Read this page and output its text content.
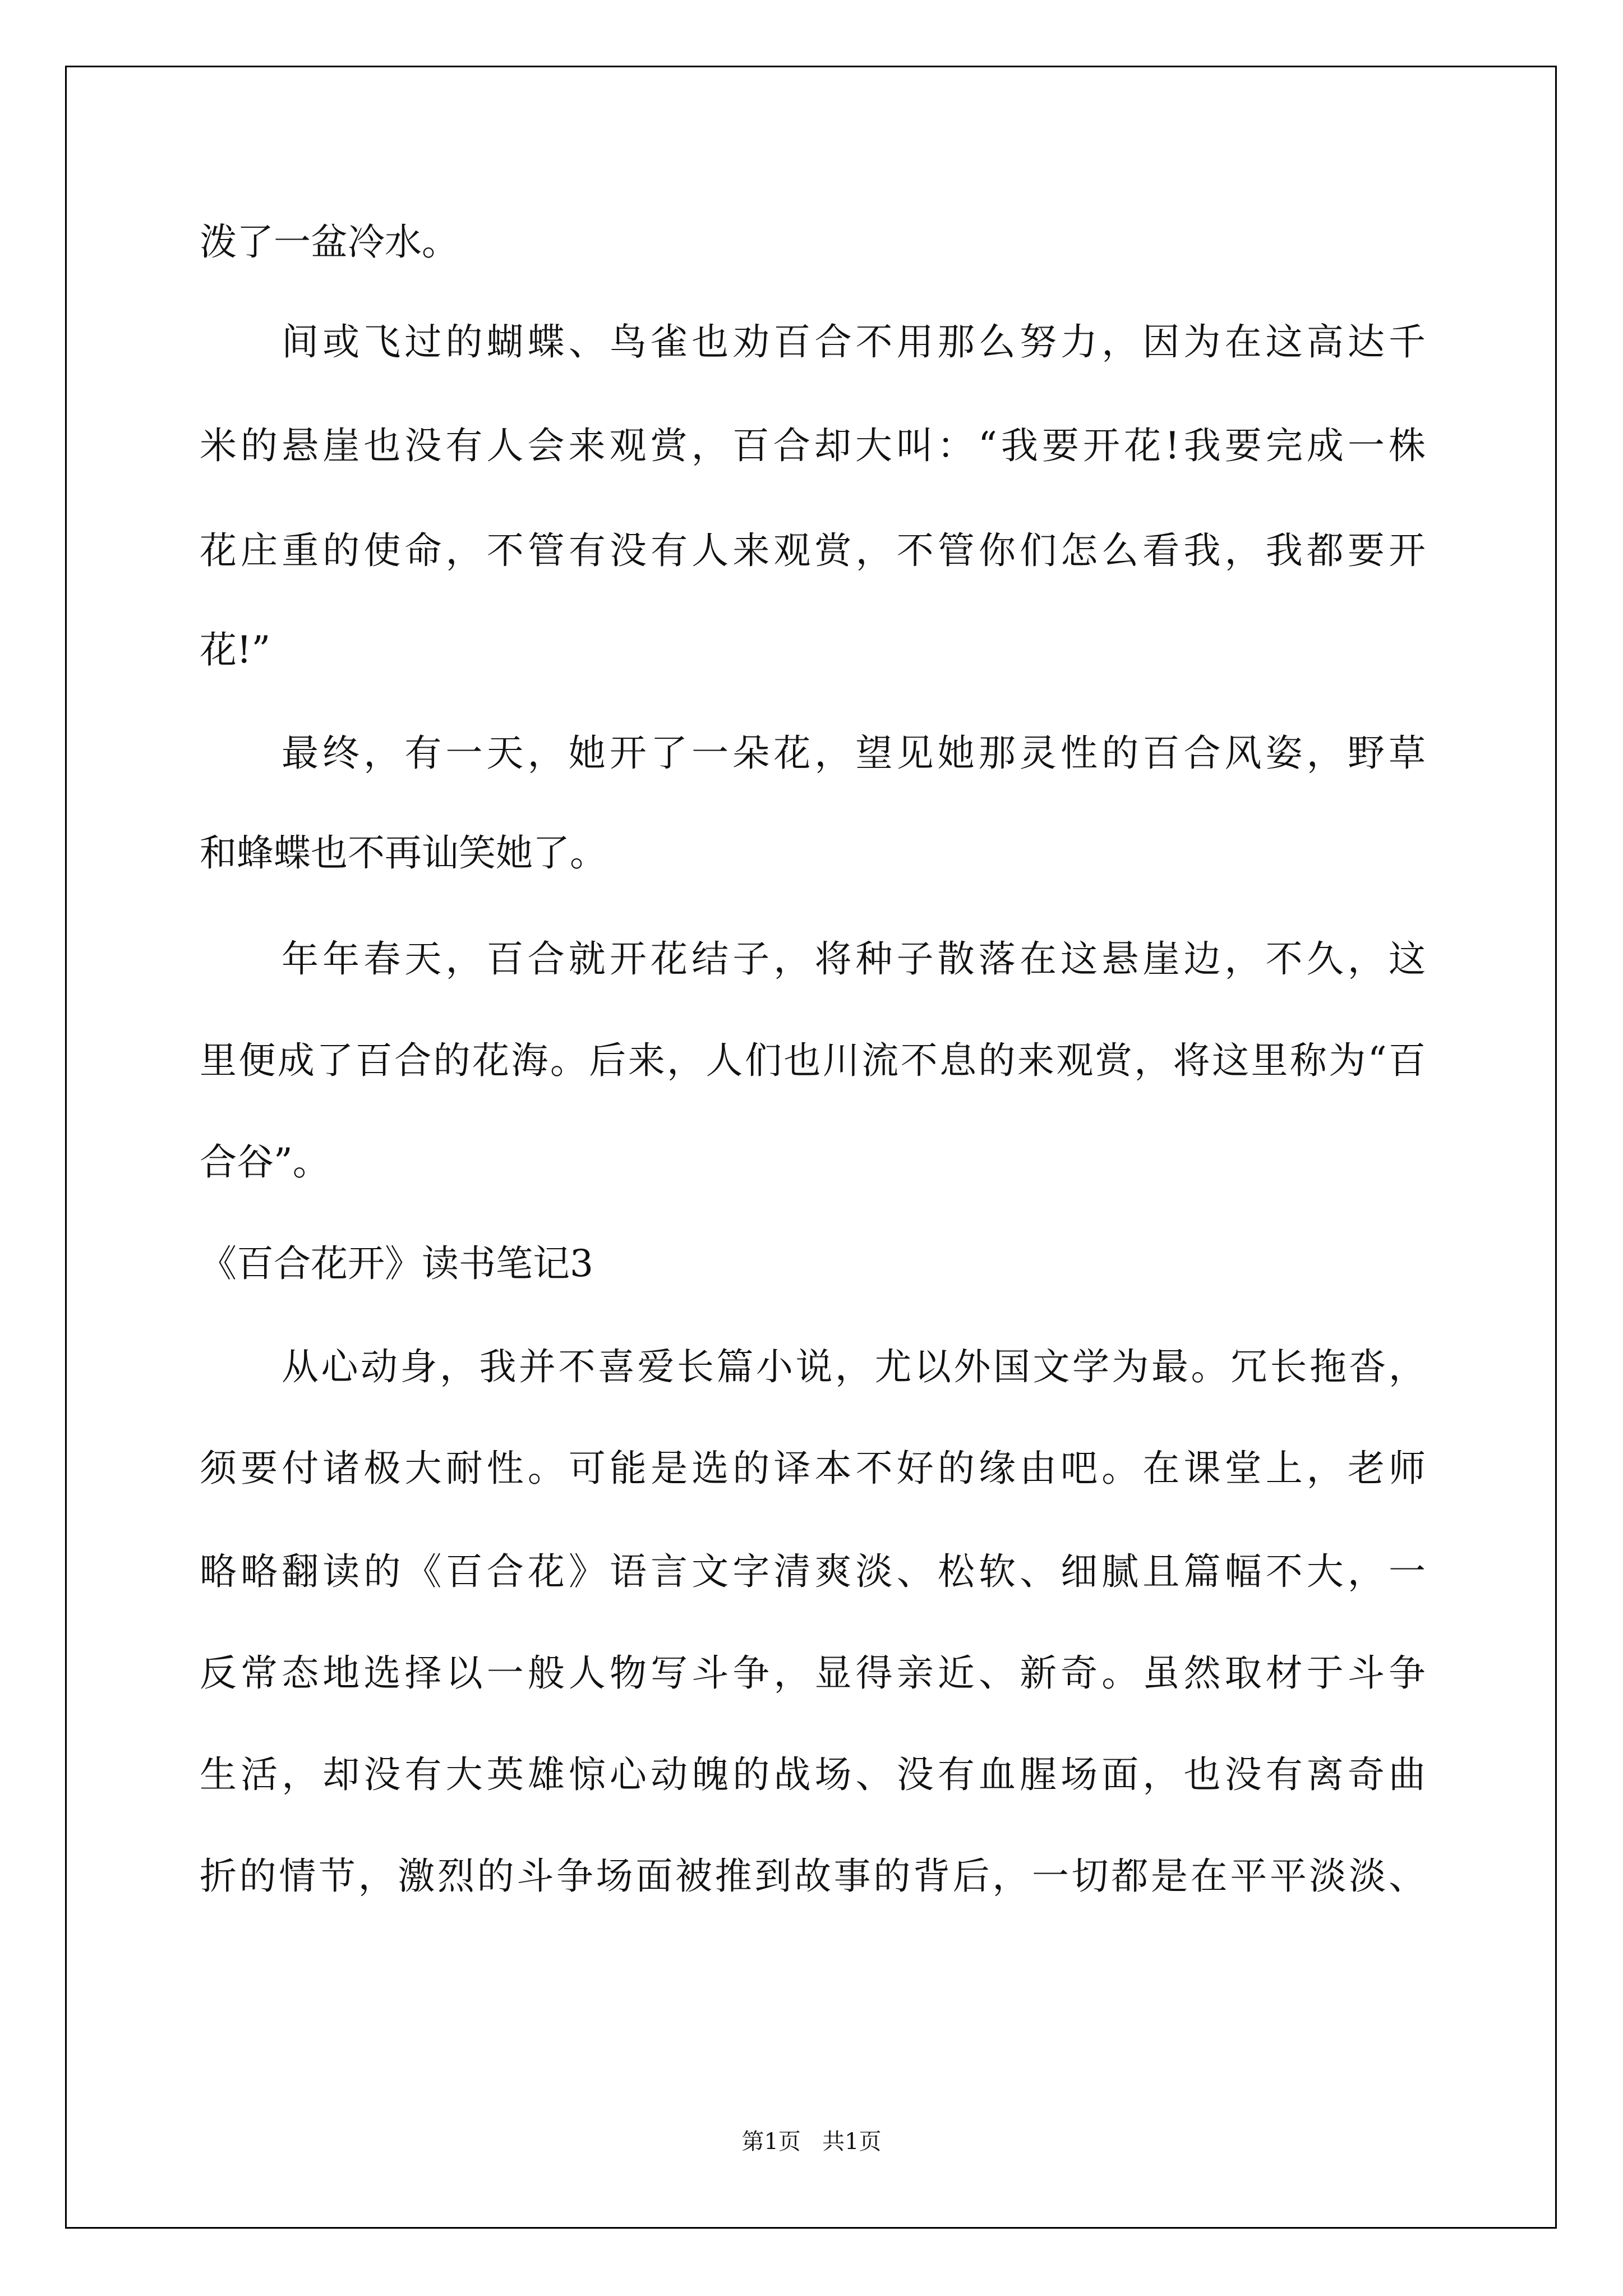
泼了一盆冷水。
间或飞过的蝴蝶、鸟雀也劝百合不用那么努力，因为在这高达千
米的悬崖也没有人会来观赏，百合却大叫：“我要开花!我要完成一株
花庄重的使命，不管有没有人来观赏，不管你们怎么看我，我都要开
花!”
最终，有一天，她开了一朵花，望见她那灵性的百合风姿，野草
和蜂蝶也不再讪笑她了。
年年春天，百合就开花结子，将种子散落在这悬崖边，不久，这
里便成了百合的花海。后来，人们也川流不息的来观赏，将这里称为“百
合谷”。
《百合花开》读书笔记3
从心动身，我并不喜爱长篇小说，尤以外国文学为最。冗长拖沓，
须要付诸极大耐性。可能是选的译本不好的缘由吧。在课堂上，老师
略略翻读的《百合花》语言文字清爽淡、松软、细腻且篇幅不大，一
反常态地选择以一般人物写斗争，显得亲近、新奇。虽然取材于斗争
生活，却没有大英雄惊心动魄的战场、没有血腥场面，也没有离奇曲
折的情节，激烈的斗争场面被推到故事的背后，一切都是在平平淡淡、
第1页 共1页
